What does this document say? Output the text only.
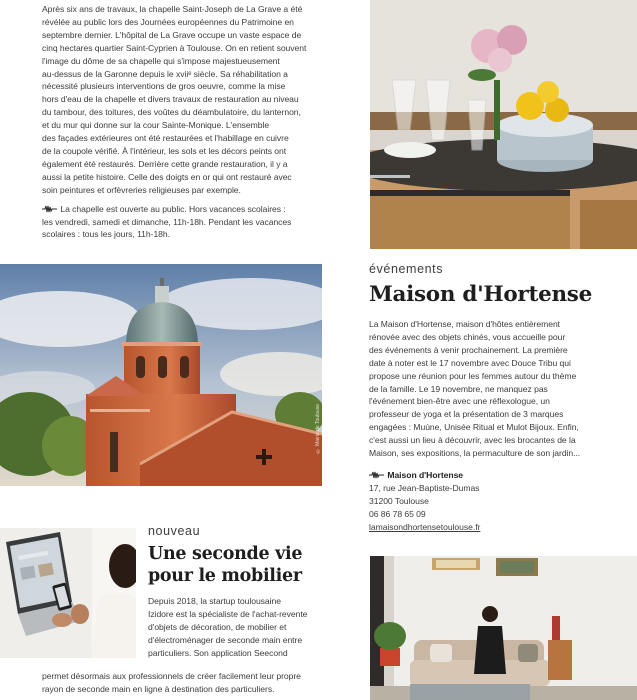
Après six ans de travaux, la chapelle Saint-Joseph de La Grave a été

révélée au public lors des Journées européennes du Patrimoine en

septembre dernier. L'hôpital de La Grave occupe un vaste espace de

cinq hectares quartier Saint-Cyprien à Toulouse. On en retient souvent

l'image du dôme de sa chapelle qui s'impose majestueusement

au-dessus de la Garonne depuis le xviiᵉ siècle. Sa réhabilitation a

nécessité plusieurs interventions de gros oeuvre, comme la mise

hors d'eau de la chapelle et divers travaux de restauration au niveau

du tambour, des toitures, des voûtes du déambulatoire, du lanternon,

et du mur qui donne sur la cour Sainte-Monique. L'ensemble

des façades extérieures ont été restaurées et l'habillage en cuivre

de la coupole vérifié. À l'intérieur, les sols et les décors peints ont

également été restaurés. Derrière cette grande restauration, il y a

aussi la petite histoire. Celle des doigts en or qui ont restauré avec

soin peintures et orfèvreries religieuses par exemple.

La chapelle est ouverte au public. Hors vacances scolaires :

les vendredi, samedi et dimanche, 11h-18h. Pendant les vacances

scolaires : tous les jours, 11h-18h.

© Mairie de Toulouse
événements
Maison d'Hortense

La Maison d'Hortense, maison d'hôtes entièrement

rénovée avec des objets chinés, vous accueille pour

des événements à venir prochainement. La première

date à noter est le 17 novembre avec Douce Tribu qui

propose une réunion pour les femmes autour du thème

de la famille. Le 19 novembre, ne manquez pas

l'événement bien-être avec une réflexologue, un

professeur de yoga et la présentation de 3 marques

engagées : Muùne, Unisée Ritual et Mulot Bijoux. Enfin,

c'est aussi un lieu à découvrir, avec les brocantes de la

Maison, ses expositions, la permaculture de son jardin...

Maison d'Hortense

17, rue Jean-Baptiste-Dumas

31200 Toulouse

06 86 78 65 09

lamaisondhortensetoulouse.fr
nouveau
Une seconde vie
pour le mobilier

Depuis 2018, la startup toulousaine

Izidore est la spécialiste de l'achat-revente

d'objets de décoration, de mobilier et

d'électroménager de seconde main entre

particuliers. Son application Seecond

permet désormais aux professionnels de créer facilement leur propre

rayon de seconde main en ligne à destination des particuliers.
